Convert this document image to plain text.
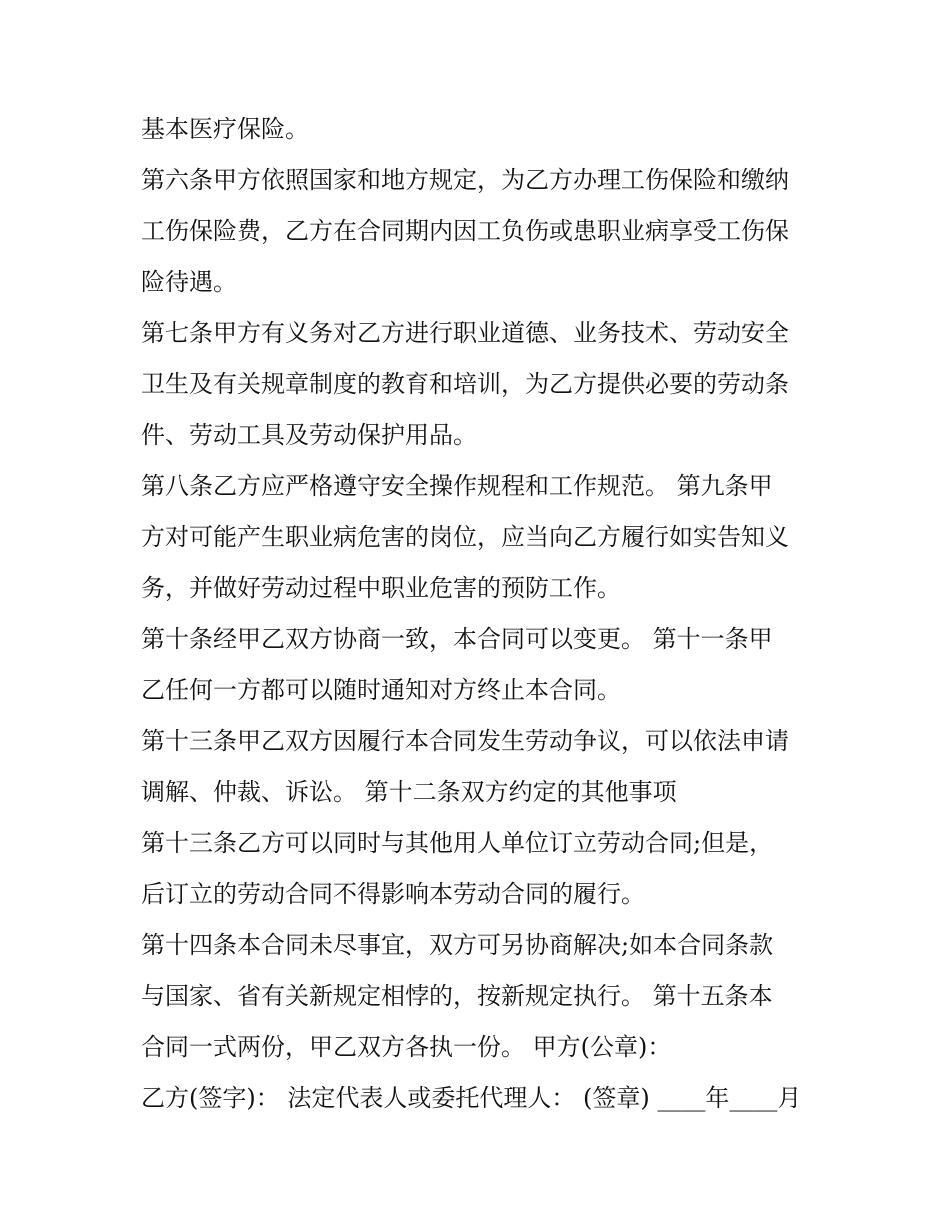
基本医疗保险。
第六条甲方依照国家和地方规定，为乙方办理工伤保险和缴纳
工伤保险费，乙方在合同期内因工负伤或患职业病享受工伤保
险待遇。
第七条甲方有义务对乙方进行职业道德、业务技术、劳动安全
卫生及有关规章制度的教育和培训，为乙方提供必要的劳动条
件、劳动工具及劳动保护用品。
第八条乙方应严格遵守安全操作规程和工作规范。 第九条甲
方对可能产生职业病危害的岗位，应当向乙方履行如实告知义
务，并做好劳动过程中职业危害的预防工作。
第十条经甲乙双方协商一致，本合同可以变更。 第十一条甲
乙任何一方都可以随时通知对方终止本合同。
第十三条甲乙双方因履行本合同发生劳动争议，可以依法申请
调解、仲裁、诉讼。 第十二条双方约定的其他事项
第十三条乙方可以同时与其他用人单位订立劳动合同;但是，
后订立的劳动合同不得影响本劳动合同的履行。
第十四条本合同未尽事宜，双方可另协商解决;如本合同条款
与国家、省有关新规定相悖的，按新规定执行。 第十五条本
合同一式两份，甲乙双方各执一份。 甲方(公章)：
乙方(签字)： 法定代表人或委托代理人： (签章) ____年____月
